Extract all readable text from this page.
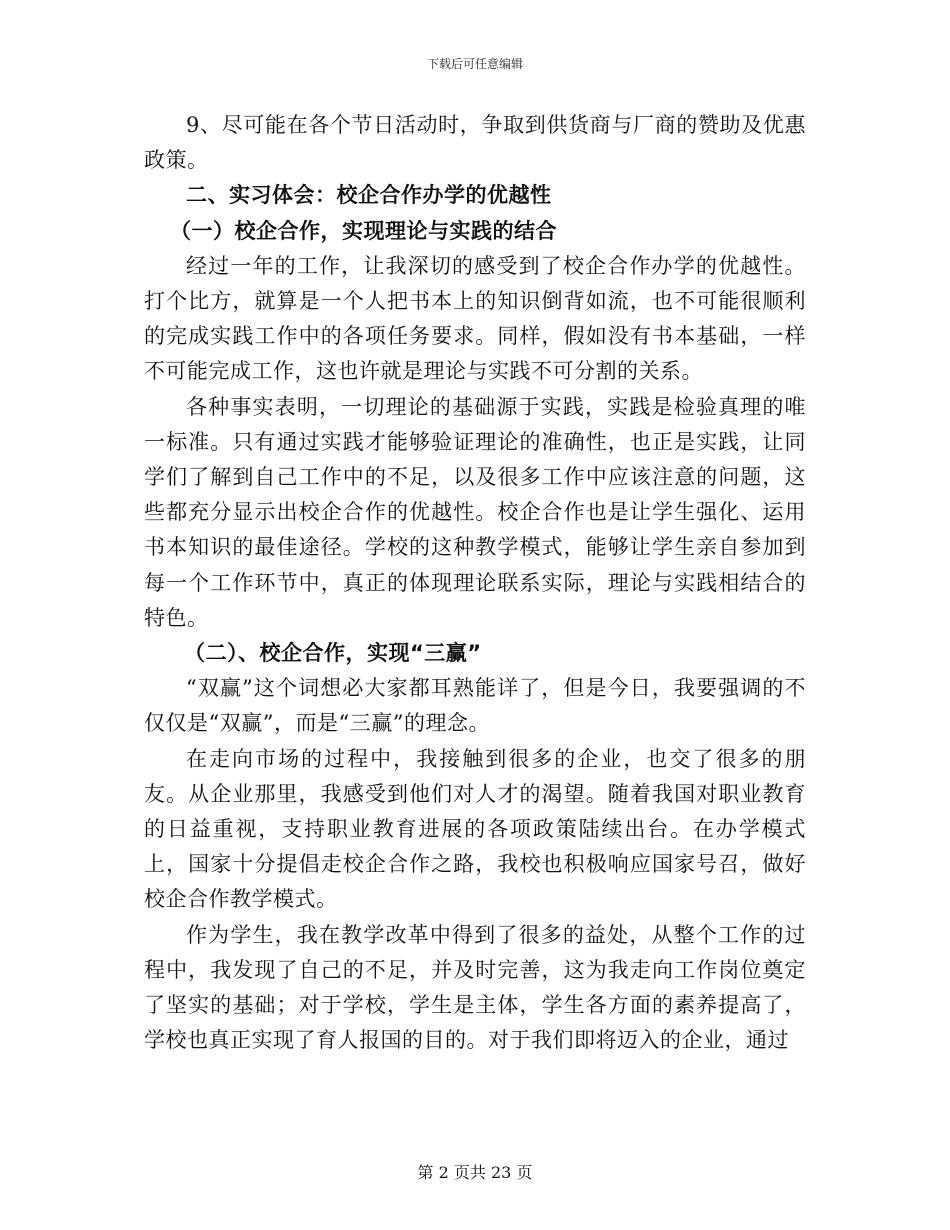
下载后可任意编辑

9、尽可能在各个节日活动时，争取到供货商与厂商的赞助及优惠政策。

二、实习体会：校企合作办学的优越性

（一）校企合作，实现理论与实践的结合

经过一年的工作，让我深切的感受到了校企合作办学的优越性。打个比方，就算是一个人把书本上的知识倒背如流，也不可能很顺利的完成实践工作中的各项任务要求。同样，假如没有书本基础，一样不可能完成工作，这也许就是理论与实践不可分割的关系。

各种事实表明，一切理论的基础源于实践，实践是检验真理的唯一标准。只有通过实践才能够验证理论的准确性，也正是实践，让同学们了解到自己工作中的不足，以及很多工作中应该注意的问题，这些都充分显示出校企合作的优越性。校企合作也是让学生强化、运用书本知识的最佳途径。学校的这种教学模式，能够让学生亲自参加到每一个工作环节中，真正的体现理论联系实际，理论与实践相结合的特色。

（二）、校企合作，实现“三赢”

“双赢”这个词想必大家都耳熟能详了，但是今日，我要强调的不仅仅是“双赢”，而是“三赢”的理念。

在走向市场的过程中，我接触到很多的企业，也交了很多的朋友。从企业那里，我感受到他们对人才的渴望。随着我国对职业教育的日益重视，支持职业教育进展的各项政策陆续出台。在办学模式上，国家十分提倡走校企合作之路，我校也积极响应国家号召，做好校企合作教学模式。

作为学生，我在教学改革中得到了很多的益处，从整个工作的过程中，我发现了自己的不足，并及时完善，这为我走向工作岗位奠定了坚实的基础；对于学校，学生是主体，学生各方面的素养提高了，学校也真正实现了育人报国的目的。对于我们即将迈入的企业，通过

第 2 页共 23 页
